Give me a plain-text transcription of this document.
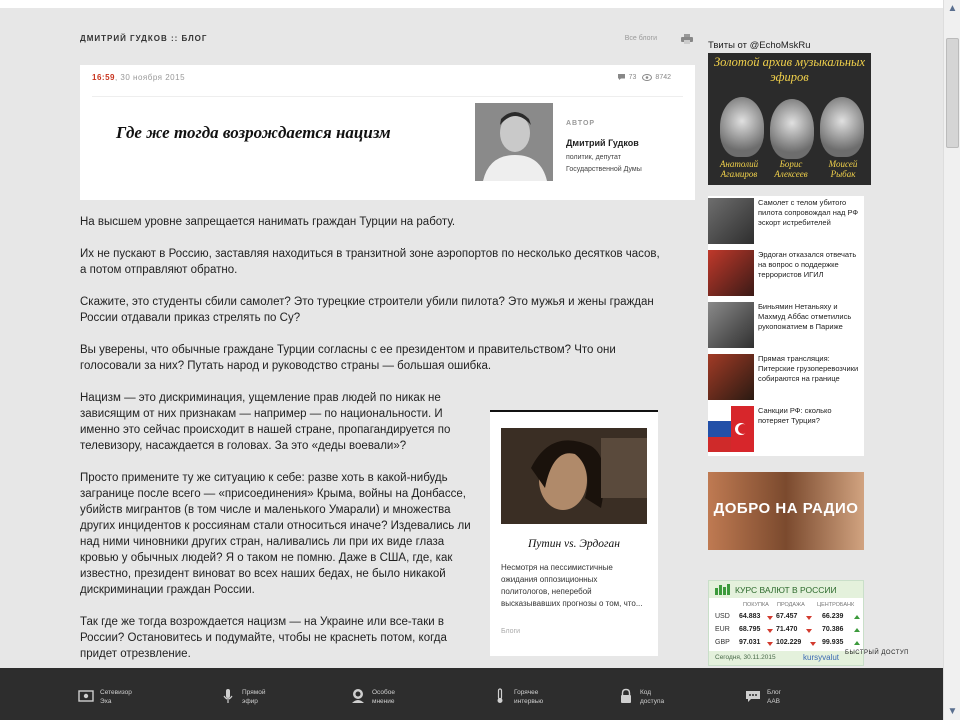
ДМИТРИЙ ГУДКОВ :: БЛОГ	Все блоги
16:59, 30 ноября 2015	73	8742
Где же тогда возрождается нацизм	АВТОР
Дмитрий Гудков
политик, депутат Государственной Думы

На высшем уровне запрещается нанимать граждан Турции на работу.

Их не пускают в Россию, заставляя находиться в транзитной зоне аэропортов по несколько десятков часов, а потом отправляют обратно.

Скажите, это студенты сбили самолет? Это турецкие строители убили пилота? Это мужья и жены граждан России отдавали приказ стрелять по Су?

Вы уверены, что обычные граждане Турции согласны с ее президентом и правительством? Что они голосовали за них? Путать народ и руководство страны — большая ошибка.

Нацизм — это дискриминация, ущемление прав людей по никак не зависящим от них признакам — например — по национальности. И именно это сейчас происходит в нашей стране, пропагандируется по телевизору, насаждается в головах. За это «деды воевали»?

Просто примените ту же ситуацию к себе: разве хоть в какой-нибудь загранице после всего — «присоединения» Крыма, войны на Донбассе, убийств мигрантов (в том числе и маленького Умарали) и множества других инцидентов к россиянам стали относиться иначе? Издевались ли над ними чиновники других стран, наливались ли при их виде глаза кровью у обычных людей? Я о таком не помню. Даже в США, где, как известно, президент виноват во всех наших бедах, не было никакой дискриминации граждан России.

Так где же тогда возрождается нацизм — на Украине или все-таки в России? Остановитесь и подумайте, чтобы не краснеть потом, когда придет отрезвление.

Путин vs. Эрдоган
Несмотря на пессимистичные ожидания оппозиционных политологов, неперебой высказывавших прогнозы о том, что...
Блоги
Твиты от @EchoMskRu
Золотой архив музыкальных эфиров
Анатолий Агамиров
Борис Алексеев
Моисей Рыбак
Самолет с телом убитого пилота сопровождал над РФ эскорт истребителей
Эрдоган отказался отвечать на вопрос о поддержке террористов ИГИЛ
Биньямин Нетаньяху и Махмуд Аббас отметились рукопожатием в Париже
Прямая трансляция: Питерские грузоперевозчики собираются на границе
Санкции РФ: сколько потеряет Турция?
ДОБРО НА РАДИО
КУРС ВАЛЮТ В РОССИИ
ПОКУПКА ПРОДАЖА ЦЕНТРОБАНК
USD 64.883 67.457	66.239
EUR 68.795 71.470	70.386
GBP 97.031 102.229	99.935
Сегодня, 30.11.2015	kursyvalut БЫСТРЫЙ ДОСТУП
Сетевизор
Эха
Прямой
эфир
Особое
мнение
Горячее
интервью
Код
доступа
Блог
ААВ
▲
▼
